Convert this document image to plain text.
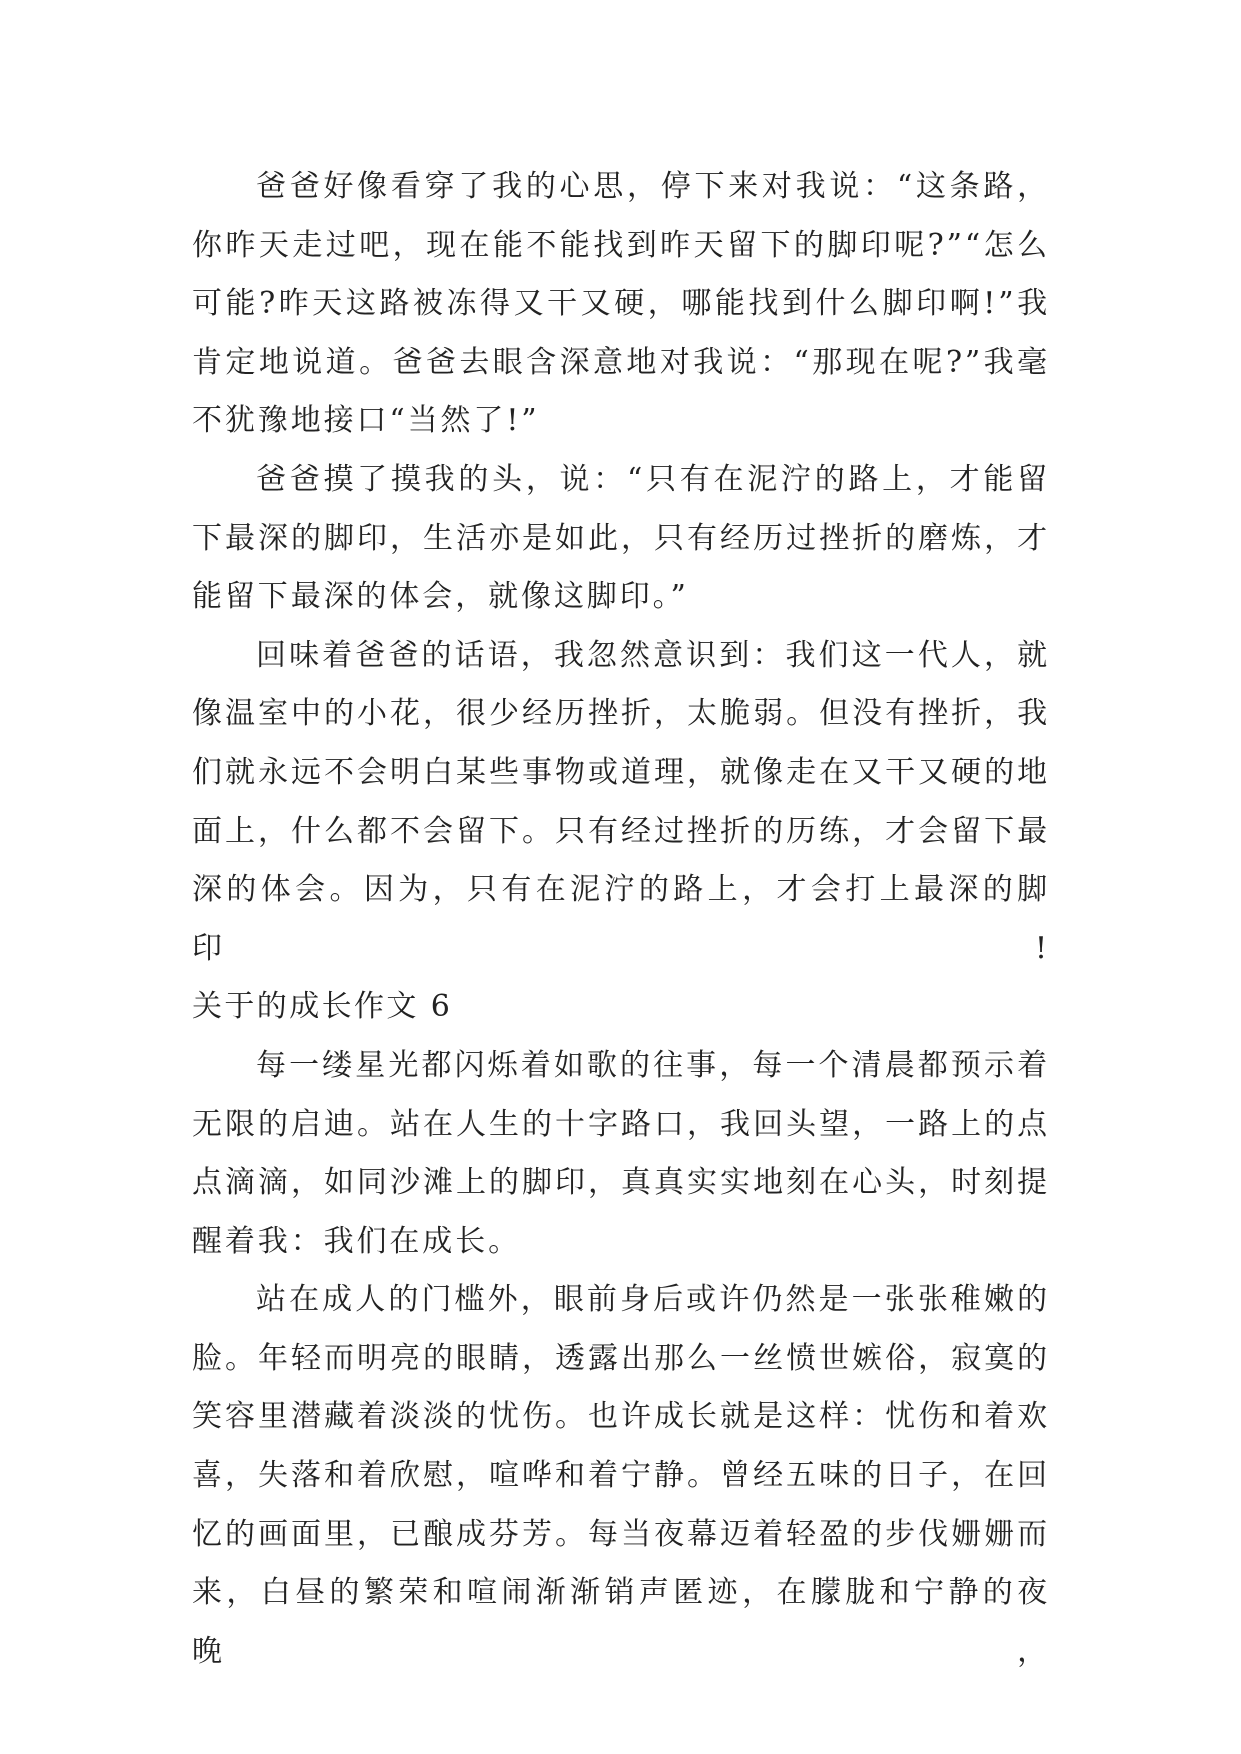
爸爸好像看穿了我的心思，停下来对我说：“这条路，

你昨天走过吧，现在能不能找到昨天留下的脚印呢?”“怎么

可能?昨天这路被冻得又干又硬，哪能找到什么脚印啊!”我

肯定地说道。爸爸去眼含深意地对我说：“那现在呢?”我毫

不犹豫地接口“当然了!”

爸爸摸了摸我的头，说：“只有在泥泞的路上，才能留

下最深的脚印，生活亦是如此，只有经历过挫折的磨炼，才

能留下最深的体会，就像这脚印。”

回味着爸爸的话语，我忽然意识到：我们这一代人，就

像温室中的小花，很少经历挫折，太脆弱。但没有挫折，我

们就永远不会明白某些事物或道理，就像走在又干又硬的地

面上，什么都不会留下。只有经过挫折的历练，才会留下最

深的体会。因为，只有在泥泞的路上，才会打上最深的脚印!

关于的成长作文 6

每一缕星光都闪烁着如歌的往事，每一个清晨都预示着

无限的启迪。站在人生的十字路口，我回头望，一路上的点

点滴滴，如同沙滩上的脚印，真真实实地刻在心头，时刻提

醒着我：我们在成长。

站在成人的门槛外，眼前身后或许仍然是一张张稚嫩的

脸。年轻而明亮的眼睛，透露出那么一丝愤世嫉俗，寂寞的

笑容里潜藏着淡淡的忧伤。也许成长就是这样：忧伤和着欢

喜，失落和着欣慰，喧哗和着宁静。曾经五味的日子，在回

忆的画面里，已酿成芬芳。每当夜幕迈着轻盈的步伐姗姗而

来，白昼的繁荣和喧闹渐渐销声匿迹，在朦胧和宁静的夜晚，
